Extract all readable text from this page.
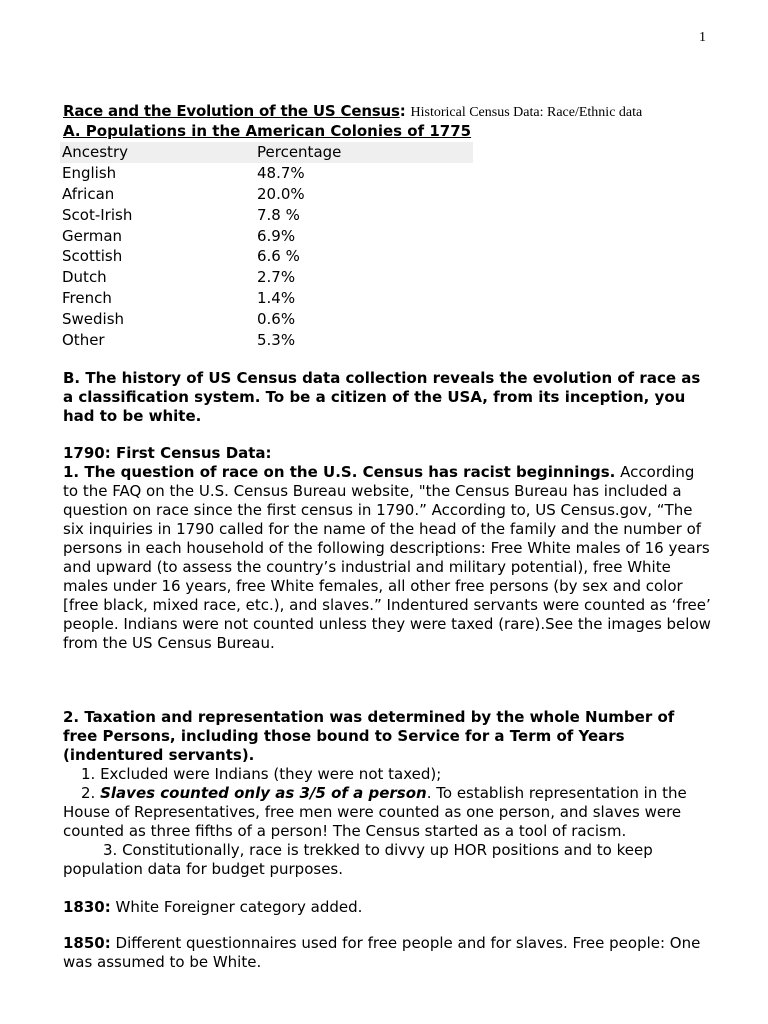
1
Race and the Evolution of the US Census: Historical Census Data: Race/Ethnic data
A. Populations in the American Colonies of 1775
Ancestry	Percentage
English	48.7%
African	20.0%
Scot-Irish	7.8 %
German	6.9%
Scottish	6.6 %
Dutch	2.7%
French	1.4%
Swedish	0.6%
Other	5.3%
B. The history of US Census data collection reveals the evolution of race as a classification system. To be a citizen of the USA, from its inception, you had to be white.
1790: First Census Data:
1. The question of race on the U.S. Census has racist beginnings. According to the FAQ on the U.S. Census Bureau website, "the Census Bureau has included a question on race since the first census in 1790.” According to, US Census.gov, “The six inquiries in 1790 called for the name of the head of the family and the number of persons in each household of the following descriptions: Free White males of 16 years and upward (to assess the country’s industrial and military potential), free White males under 16 years, free White females, all other free persons (by sex and color [free black, mixed race, etc.), and slaves.” Indentured servants were counted as ‘free’ people. Indians were not counted unless they were taxed (rare).See the images below from the US Census Bureau.
2. Taxation and representation was determined by the whole Number of free Persons, including those bound to Service for a Term of Years (indentured servants).
1. Excluded were Indians (they were not taxed);
2. Slaves counted only as 3/5 of a person. To establish representation in the House of Representatives, free men were counted as one person, and slaves were counted as three fifths of a person! The Census started as a tool of racism.
3. Constitutionally, race is trekked to divvy up HOR positions and to keep population data for budget purposes.
1830: White Foreigner category added.
1850: Different questionnaires used for free people and for slaves. Free people: One was assumed to be White.
